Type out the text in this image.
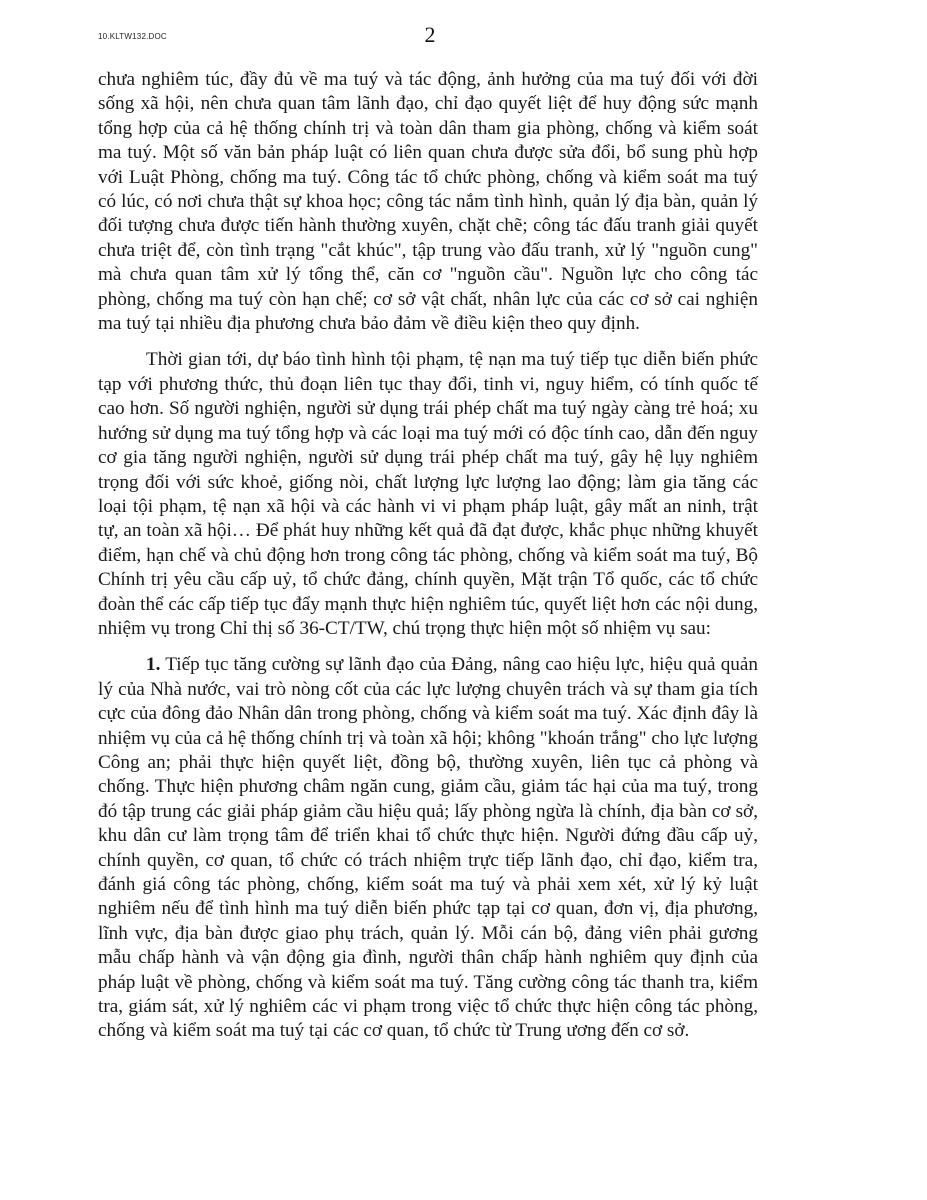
10.KLTW132.DOC	2

chưa nghiêm túc, đầy đủ về ma tuý và tác động, ảnh hưởng của ma tuý đối với đời sống xã hội, nên chưa quan tâm lãnh đạo, chỉ đạo quyết liệt để huy động sức mạnh tổng hợp của cả hệ thống chính trị và toàn dân tham gia phòng, chống và kiểm soát ma tuý. Một số văn bản pháp luật có liên quan chưa được sửa đổi, bổ sung phù hợp với Luật Phòng, chống ma tuý. Công tác tổ chức phòng, chống và kiểm soát ma tuý có lúc, có nơi chưa thật sự khoa học; công tác nắm tình hình, quản lý địa bàn, quản lý đối tượng chưa được tiến hành thường xuyên, chặt chẽ; công tác đấu tranh giải quyết chưa triệt để, còn tình trạng "cắt khúc", tập trung vào đấu tranh, xử lý "nguồn cung" mà chưa quan tâm xử lý tổng thể, căn cơ "nguồn cầu". Nguồn lực cho công tác phòng, chống ma tuý còn hạn chế; cơ sở vật chất, nhân lực của các cơ sở cai nghiện ma tuý tại nhiều địa phương chưa bảo đảm về điều kiện theo quy định.

Thời gian tới, dự báo tình hình tội phạm, tệ nạn ma tuý tiếp tục diễn biến phức tạp với phương thức, thủ đoạn liên tục thay đổi, tinh vi, nguy hiểm, có tính quốc tế cao hơn. Số người nghiện, người sử dụng trái phép chất ma tuý ngày càng trẻ hoá; xu hướng sử dụng ma tuý tổng hợp và các loại ma tuý mới có độc tính cao, dẫn đến nguy cơ gia tăng người nghiện, người sử dụng trái phép chất ma tuý, gây hệ lụy nghiêm trọng đối với sức khoẻ, giống nòi, chất lượng lực lượng lao động; làm gia tăng các loại tội phạm, tệ nạn xã hội và các hành vi vi phạm pháp luật, gây mất an ninh, trật tự, an toàn xã hội… Để phát huy những kết quả đã đạt được, khắc phục những khuyết điểm, hạn chế và chủ động hơn trong công tác phòng, chống và kiểm soát ma tuý, Bộ Chính trị yêu cầu cấp uỷ, tổ chức đảng, chính quyền, Mặt trận Tổ quốc, các tổ chức đoàn thể các cấp tiếp tục đẩy mạnh thực hiện nghiêm túc, quyết liệt hơn các nội dung, nhiệm vụ trong Chỉ thị số 36-CT/TW, chú trọng thực hiện một số nhiệm vụ sau:

1. Tiếp tục tăng cường sự lãnh đạo của Đảng, nâng cao hiệu lực, hiệu quả quản lý của Nhà nước, vai trò nòng cốt của các lực lượng chuyên trách và sự tham gia tích cực của đông đảo Nhân dân trong phòng, chống và kiểm soát ma tuý. Xác định đây là nhiệm vụ của cả hệ thống chính trị và toàn xã hội; không "khoán trắng" cho lực lượng Công an; phải thực hiện quyết liệt, đồng bộ, thường xuyên, liên tục cả phòng và chống. Thực hiện phương châm ngăn cung, giảm cầu, giảm tác hại của ma tuý, trong đó tập trung các giải pháp giảm cầu hiệu quả; lấy phòng ngừa là chính, địa bàn cơ sở, khu dân cư làm trọng tâm để triển khai tổ chức thực hiện. Người đứng đầu cấp uỷ, chính quyền, cơ quan, tổ chức có trách nhiệm trực tiếp lãnh đạo, chỉ đạo, kiểm tra, đánh giá công tác phòng, chống, kiểm soát ma tuý và phải xem xét, xử lý kỷ luật nghiêm nếu để tình hình ma tuý diễn biến phức tạp tại cơ quan, đơn vị, địa phương, lĩnh vực, địa bàn được giao phụ trách, quản lý. Mỗi cán bộ, đảng viên phải gương mẫu chấp hành và vận động gia đình, người thân chấp hành nghiêm quy định của pháp luật về phòng, chống và kiểm soát ma tuý. Tăng cường công tác thanh tra, kiểm tra, giám sát, xử lý nghiêm các vi phạm trong việc tổ chức thực hiện công tác phòng, chống và kiểm soát ma tuý tại các cơ quan, tổ chức từ Trung ương đến cơ sở.
